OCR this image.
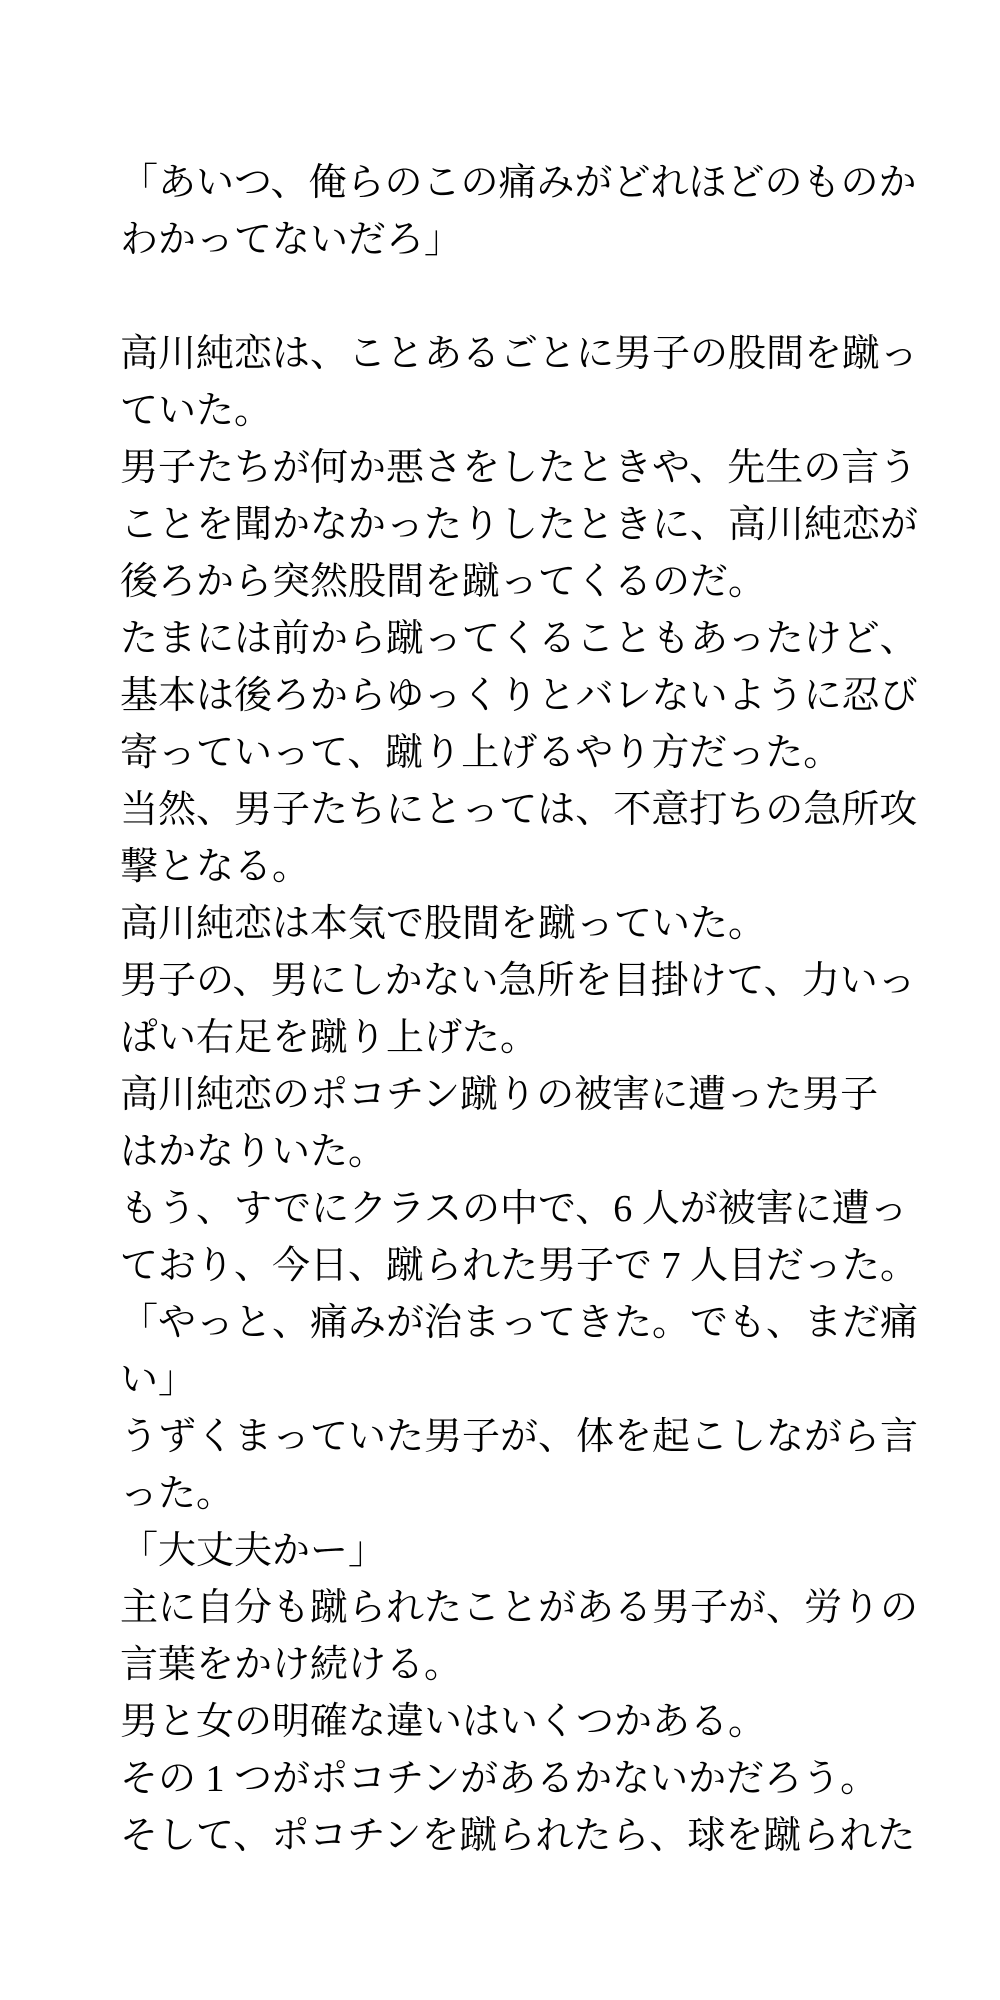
「あいつ、俺らのこの痛みがどれほどのものか
わかってないだろ」

高川純恋は、ことあるごとに男子の股間を蹴っ
ていた。
男子たちが何か悪さをしたときや、先生の言う
ことを聞かなかったりしたときに、高川純恋が
後ろから突然股間を蹴ってくるのだ。
たまには前から蹴ってくることもあったけど、
基本は後ろからゆっくりとバレないように忍び
寄っていって、蹴り上げるやり方だった。
当然、男子たちにとっては、不意打ちの急所攻
撃となる。
高川純恋は本気で股間を蹴っていた。
男子の、男にしかない急所を目掛けて、力いっ
ぱい右足を蹴り上げた。
高川純恋のポコチン蹴りの被害に遭った男子
はかなりいた。
もう、すでにクラスの中で、6 人が被害に遭っ
ており、今日、蹴られた男子で 7 人目だった。
「やっと、痛みが治まってきた。でも、まだ痛
い」
うずくまっていた男子が、体を起こしながら言
った。
「大丈夫かー」
主に自分も蹴られたことがある男子が、労りの
言葉をかけ続ける。
男と女の明確な違いはいくつかある。
その 1 つがポコチンがあるかないかだろう。
そして、ポコチンを蹴られたら、球を蹴られた
